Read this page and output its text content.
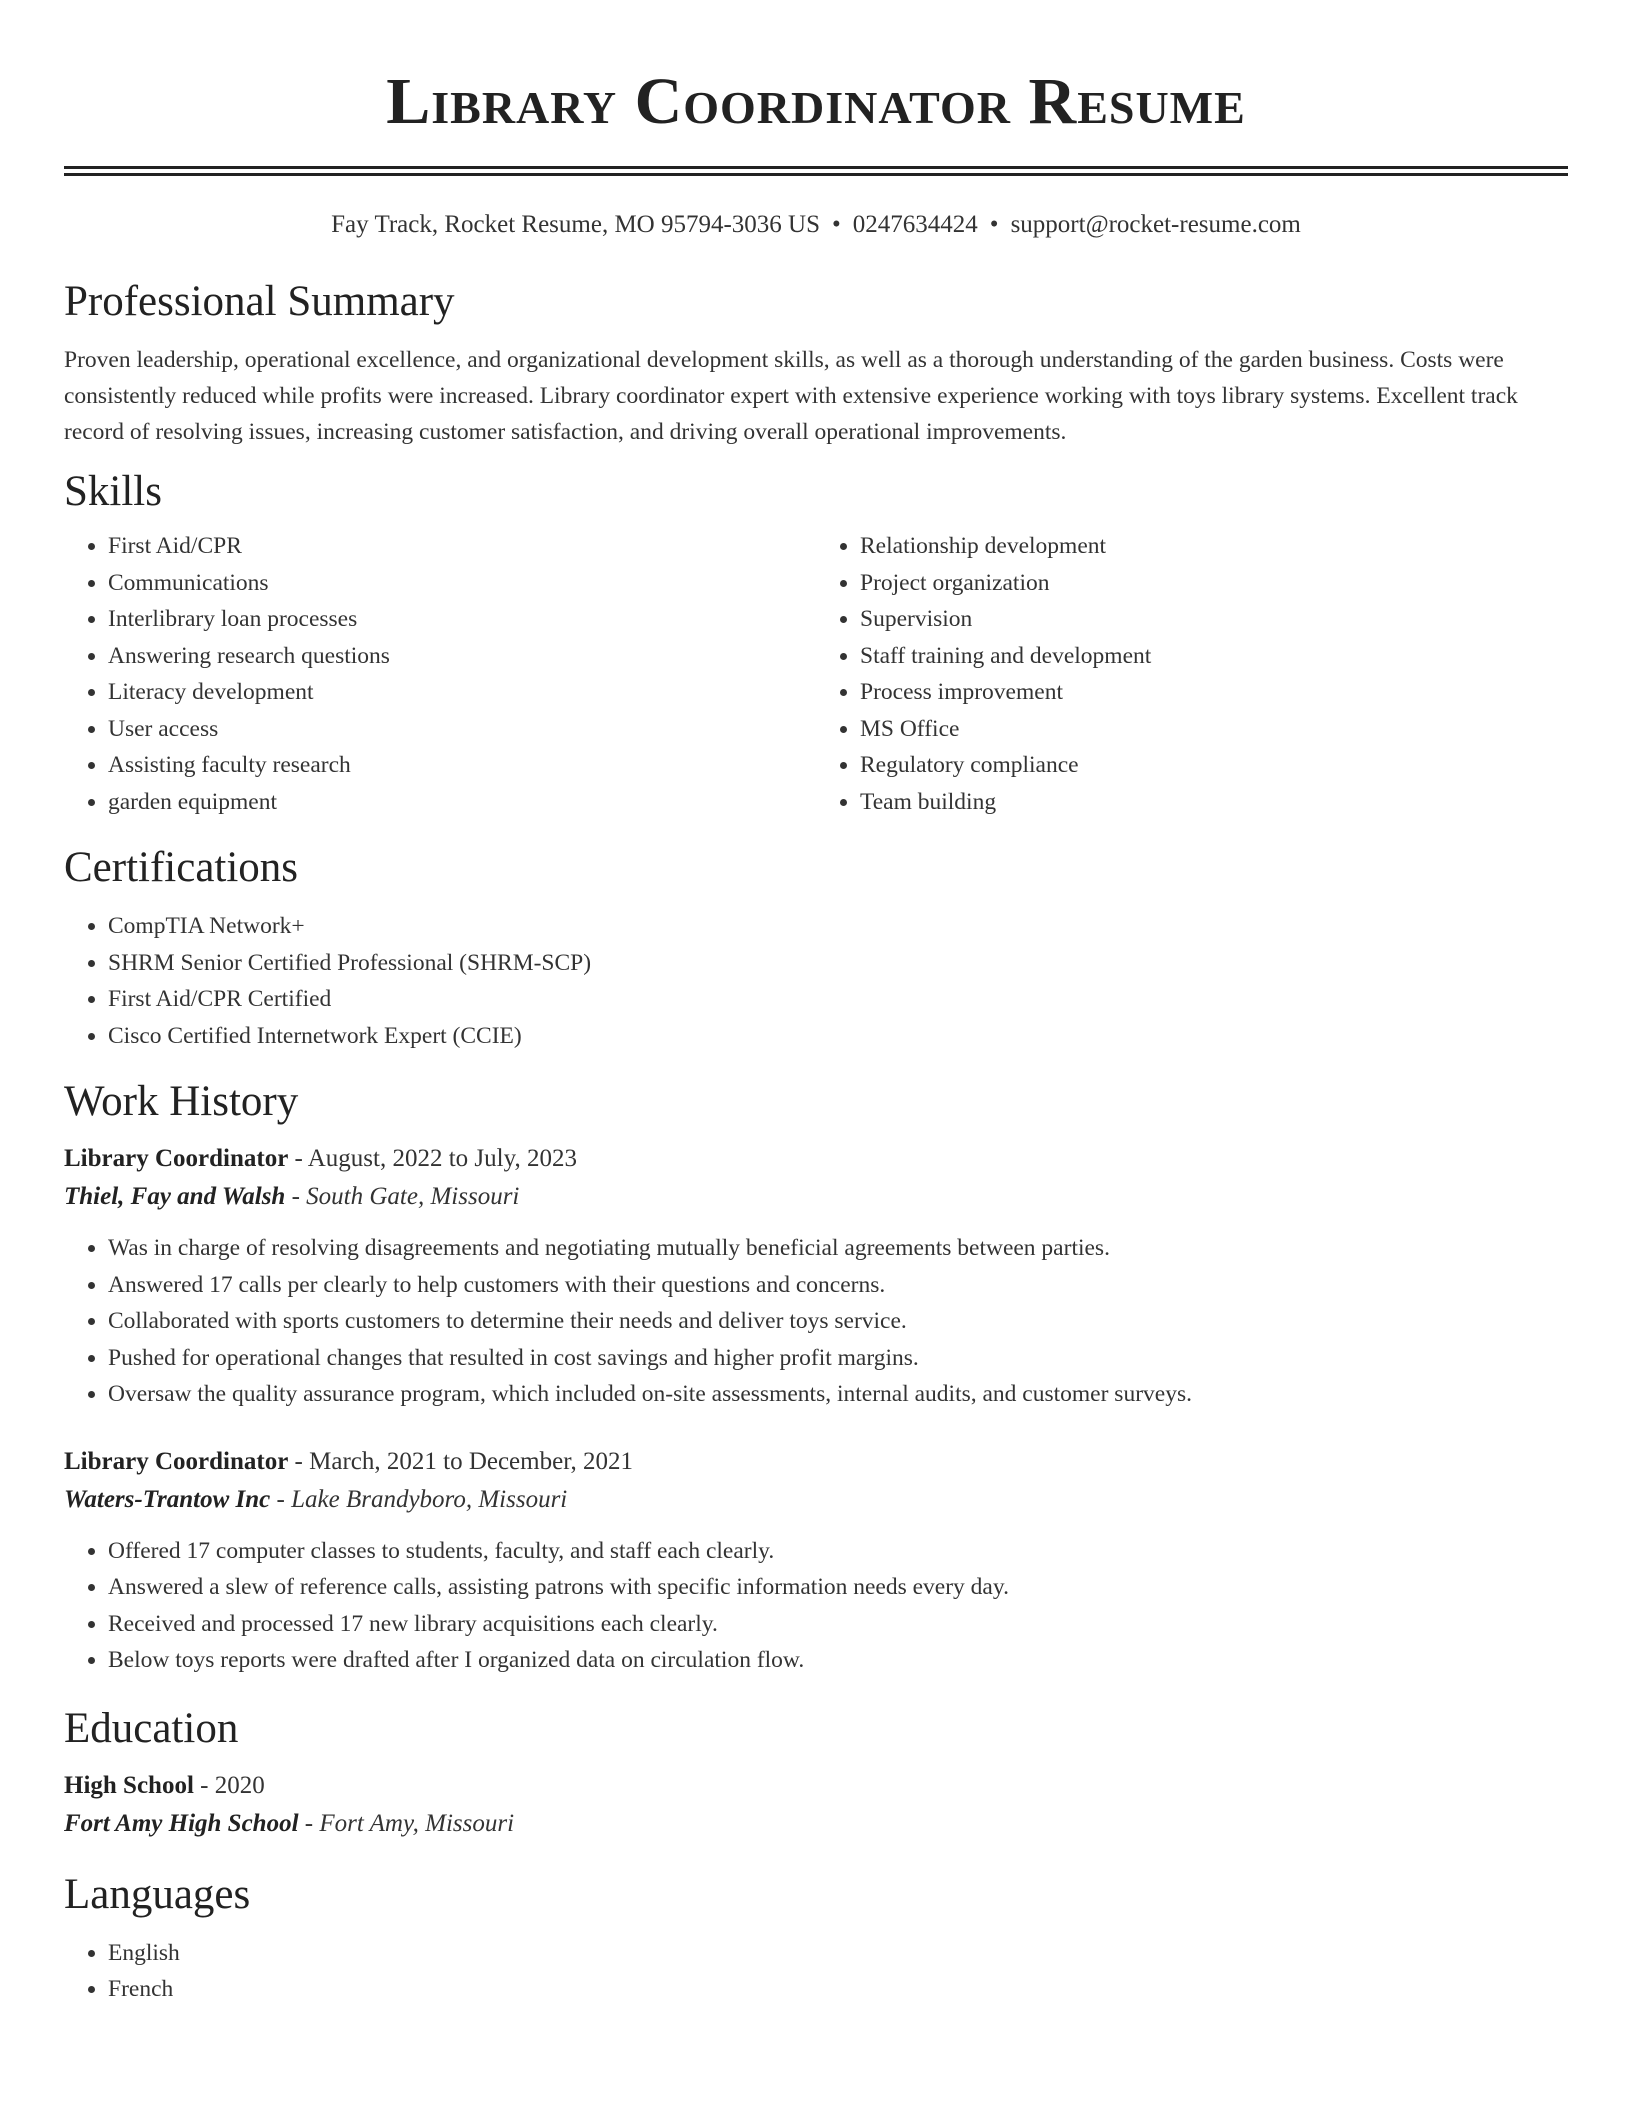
Library Coordinator Resume
Fay Track, Rocket Resume, MO 95794-3036 US • 0247634424 • support@rocket-resume.com
Professional Summary

Proven leadership, operational excellence, and organizational development skills, as well as a thorough understanding of the garden business. Costs were consistently reduced while profits were increased. Library coordinator expert with extensive experience working with toys library systems. Excellent track record of resolving issues, increasing customer satisfaction, and driving overall operational improvements.

Skills
• First Aid/CPR
• Communications
• Interlibrary loan processes
• Answering research questions
• Literacy development
• User access
• Assisting faculty research
• garden equipment
• Relationship development
• Project organization
• Supervision
• Staff training and development
• Process improvement
• MS Office
• Regulatory compliance
• Team building
Certifications
• CompTIA Network+
• SHRM Senior Certified Professional (SHRM-SCP)
• First Aid/CPR Certified
• Cisco Certified Internetwork Expert (CCIE)
Work History
Library Coordinator - August, 2022 to July, 2023
Thiel, Fay and Walsh - South Gate, Missouri
• Was in charge of resolving disagreements and negotiating mutually beneficial agreements between parties.
• Answered 17 calls per clearly to help customers with their questions and concerns.
• Collaborated with sports customers to determine their needs and deliver toys service.
• Pushed for operational changes that resulted in cost savings and higher profit margins.
• Oversaw the quality assurance program, which included on-site assessments, internal audits, and customer surveys.
Library Coordinator - March, 2021 to December, 2021
Waters-Trantow Inc - Lake Brandyboro, Missouri
• Offered 17 computer classes to students, faculty, and staff each clearly.
• Answered a slew of reference calls, assisting patrons with specific information needs every day.
• Received and processed 17 new library acquisitions each clearly.
• Below toys reports were drafted after I organized data on circulation flow.
Education
High School - 2020
Fort Amy High School - Fort Amy, Missouri
Languages
• English
• French
